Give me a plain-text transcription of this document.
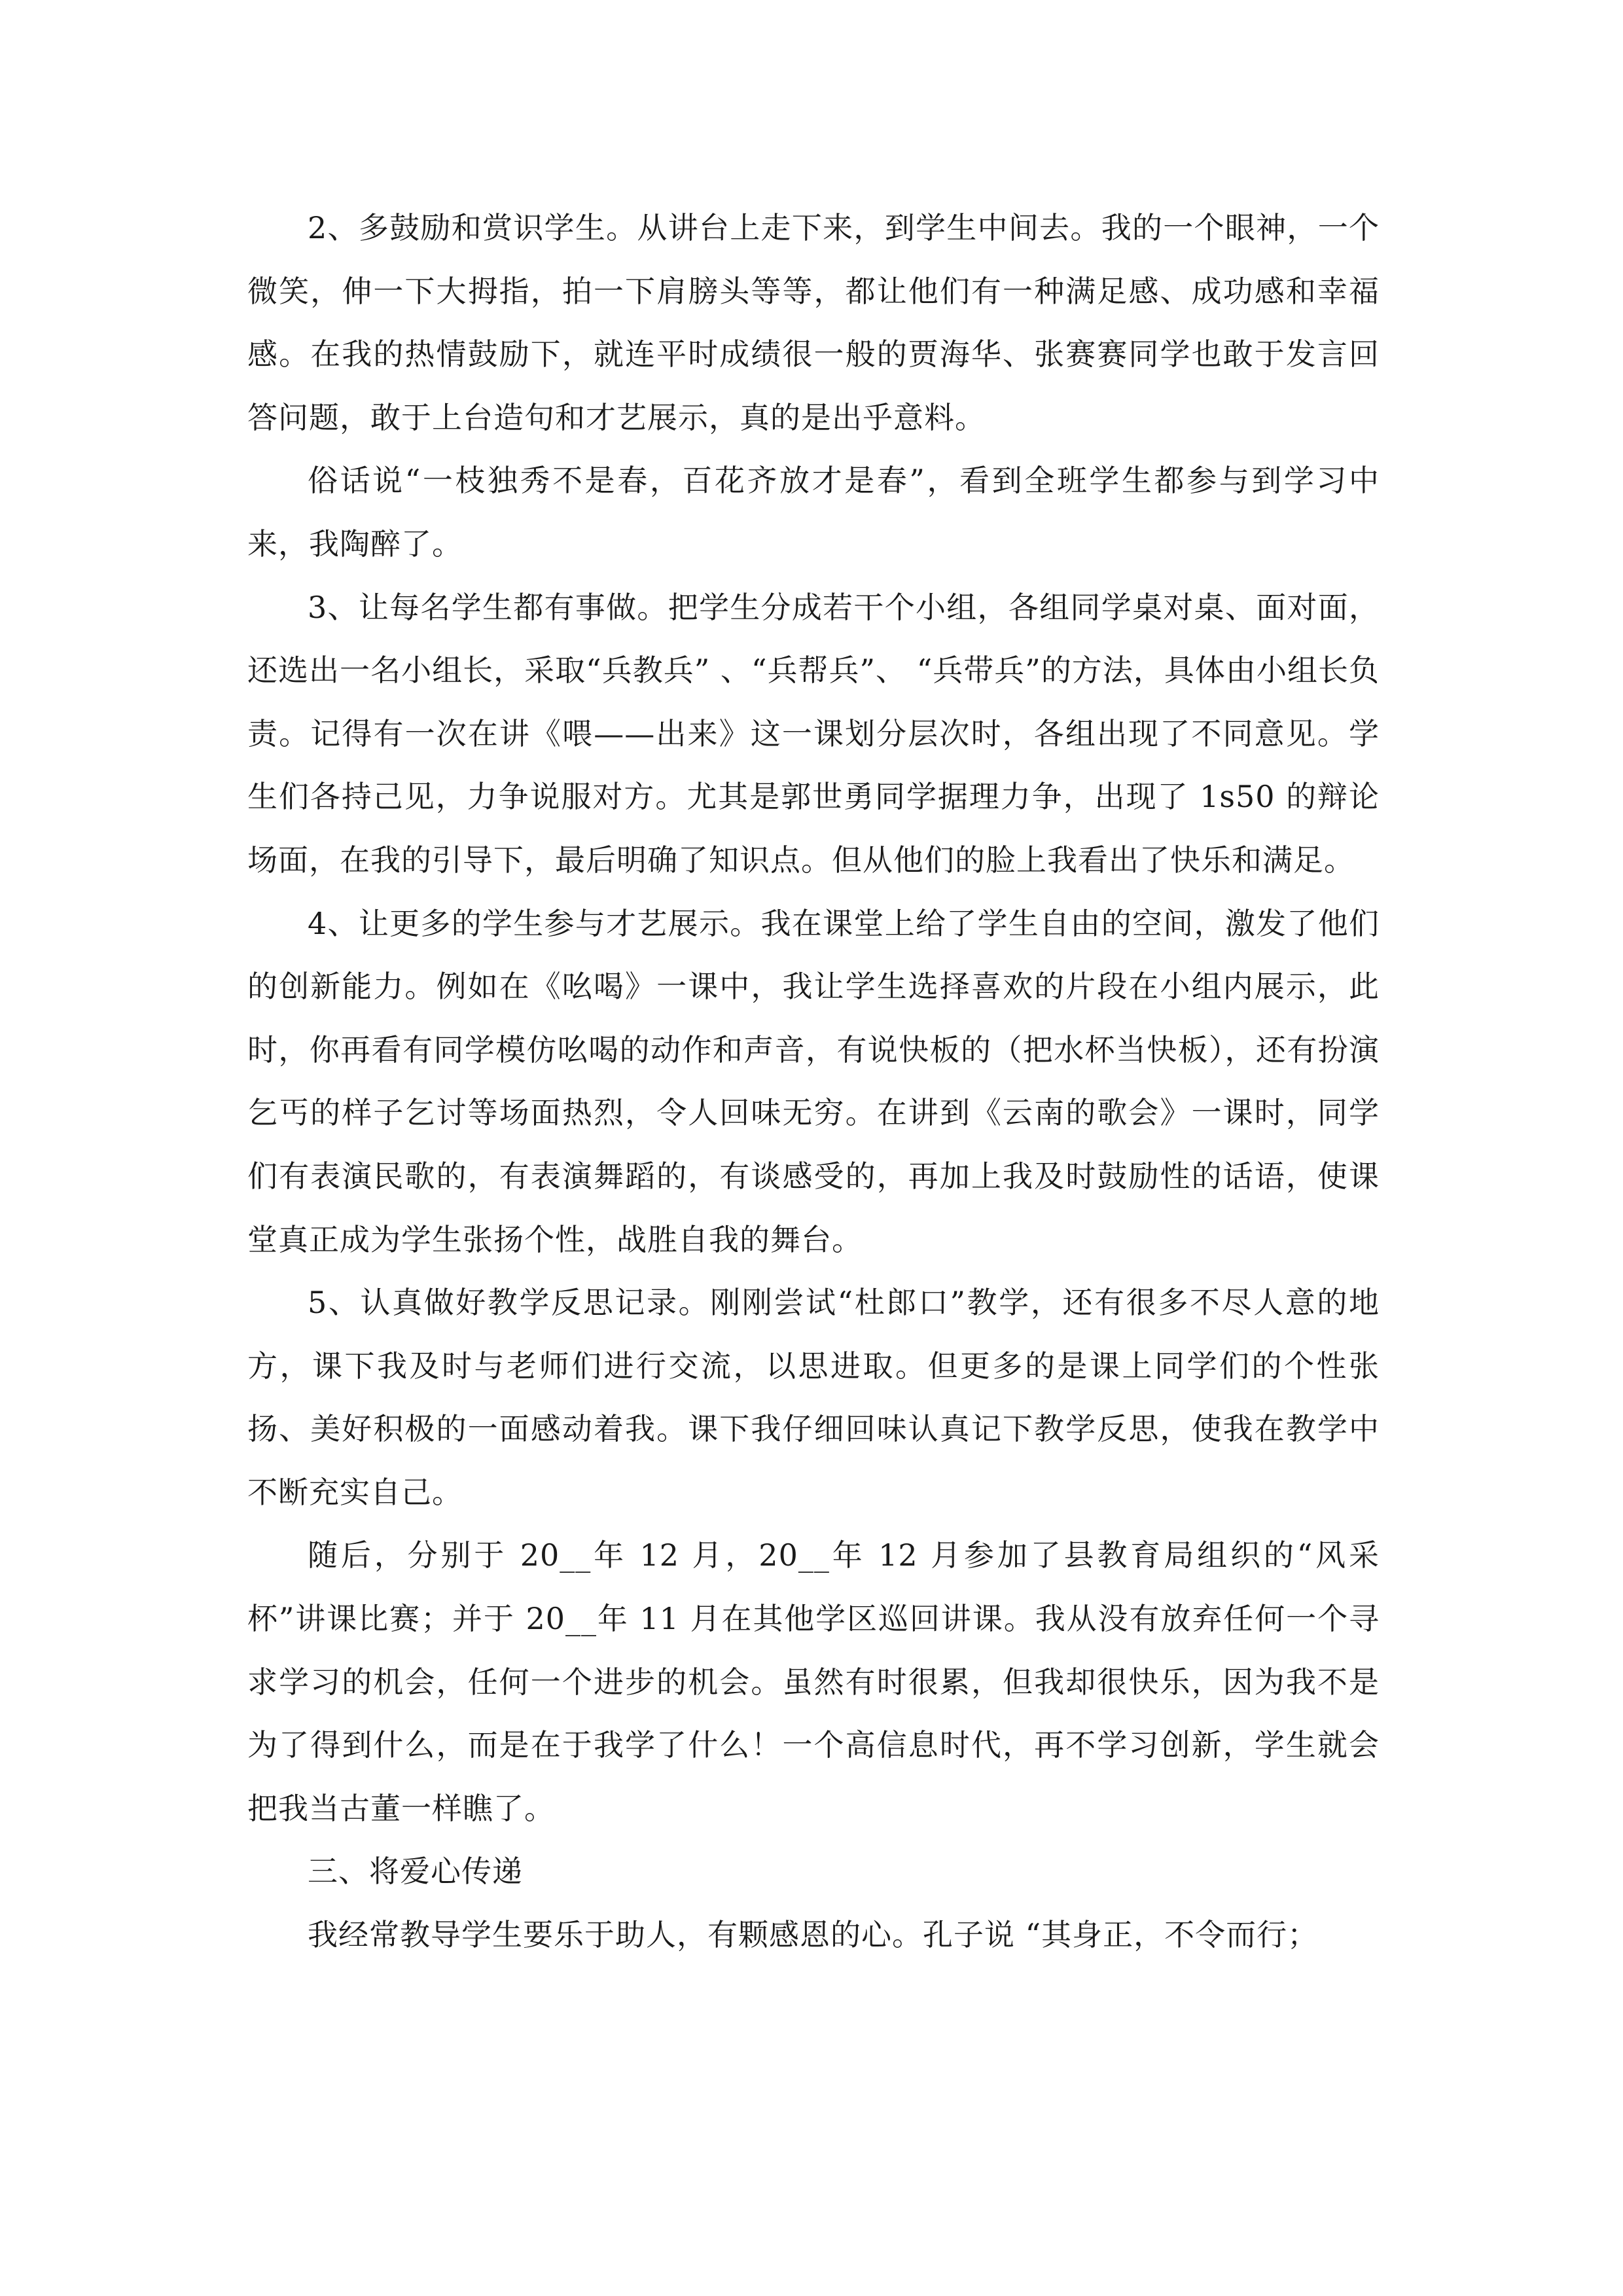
2、多鼓励和赏识学生。从讲台上走下来，到学生中间去。我的一个眼神，一个微笑，伸一下大拇指，拍一下肩膀头等等，都让他们有一种满足感、成功感和幸福感。在我的热情鼓励下，就连平时成绩很一般的贾海华、张赛赛同学也敢于发言回答问题，敢于上台造句和才艺展示，真的是出乎意料。

俗话说“一枝独秀不是春，百花齐放才是春”，看到全班学生都参与到学习中来，我陶醉了。

3、让每名学生都有事做。把学生分成若干个小组，各组同学桌对桌、面对面，还选出一名小组长，采取“兵教兵” 、“兵帮兵”、 “兵带兵”的方法，具体由小组长负责。记得有一次在讲《喂——出来》这一课划分层次时，各组出现了不同意见。学生们各持己见，力争说服对方。尤其是郭世勇同学据理力争，出现了 1s50 的辩论场面，在我的引导下，最后明确了知识点。但从他们的脸上我看出了快乐和满足。

4、让更多的学生参与才艺展示。我在课堂上给了学生自由的空间，激发了他们的创新能力。例如在《吆喝》一课中，我让学生选择喜欢的片段在小组内展示，此时，你再看有同学模仿吆喝的动作和声音，有说快板的（把水杯当快板），还有扮演乞丐的样子乞讨等场面热烈，令人回味无穷。在讲到《云南的歌会》一课时，同学们有表演民歌的，有表演舞蹈的，有谈感受的，再加上我及时鼓励性的话语，使课堂真正成为学生张扬个性，战胜自我的舞台。

5、认真做好教学反思记录。刚刚尝试“杜郎口”教学，还有很多不尽人意的地方，课下我及时与老师们进行交流，以思进取。但更多的是课上同学们的个性张扬、美好积极的一面感动着我。课下我仔细回味认真记下教学反思，使我在教学中不断充实自己。

随后，分别于 20__年 12 月，20__年 12 月参加了县教育局组织的“风采杯”讲课比赛；并于 20__年 11 月在其他学区巡回讲课。我从没有放弃任何一个寻求学习的机会，任何一个进步的机会。虽然有时很累，但我却很快乐，因为我不是为了得到什么，而是在于我学了什么！一个高信息时代，再不学习创新，学生就会把我当古董一样瞧了。

三、将爱心传递

我经常教导学生要乐于助人，有颗感恩的心。孔子说 “其身正，不令而行；
